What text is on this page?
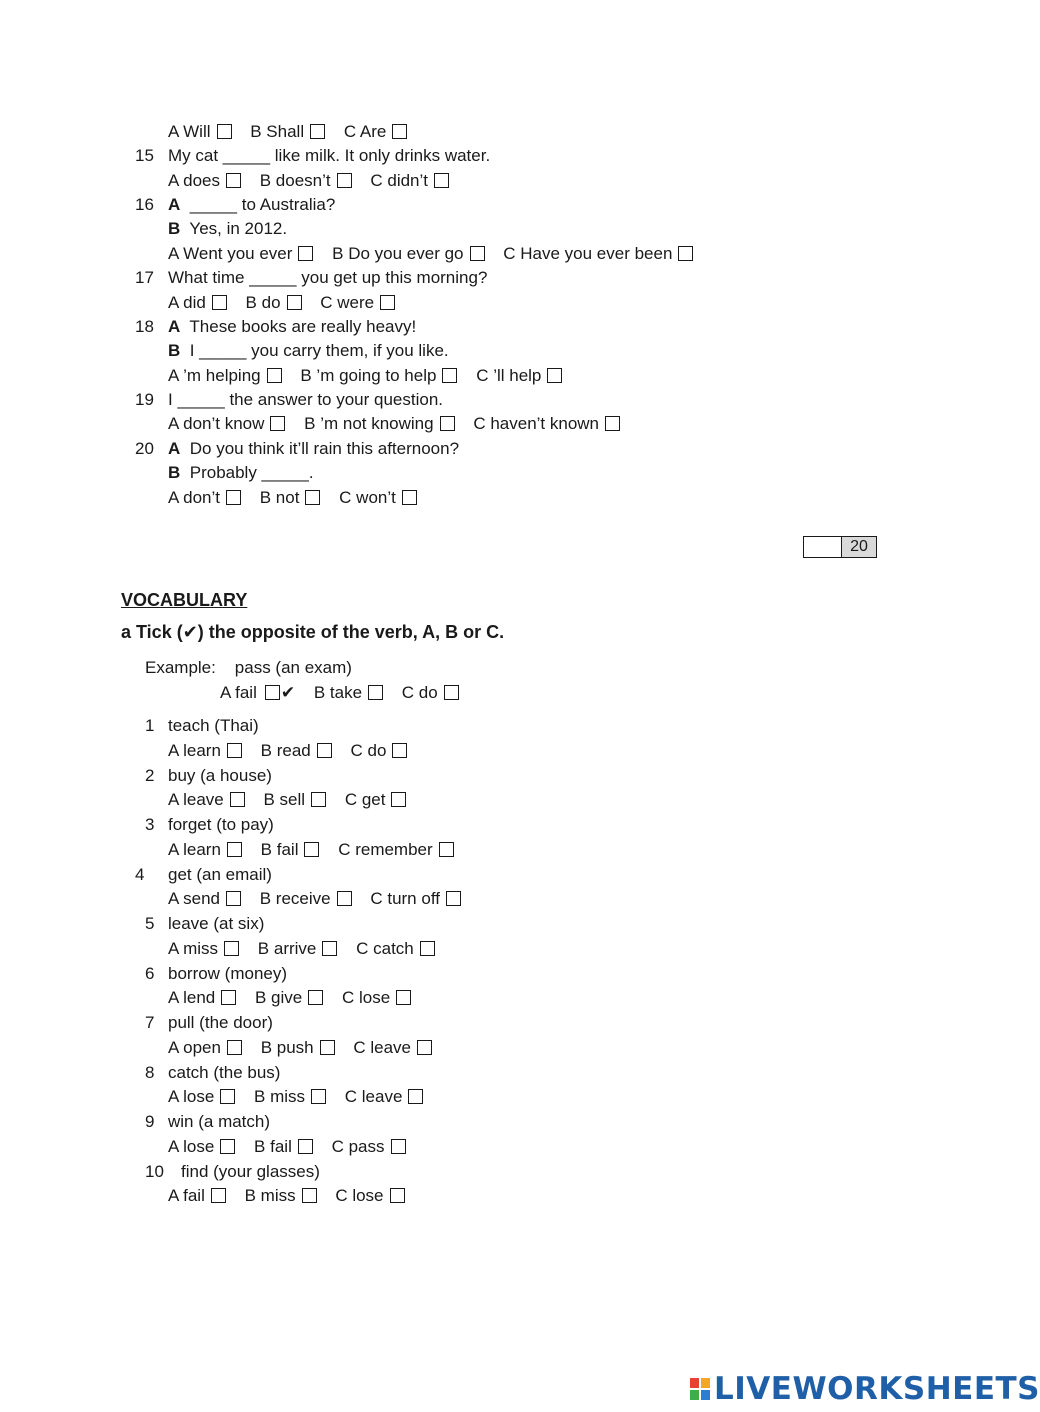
A Will B Shall C Are
15 My cat _____ like milk. It only drinks water.
A does B doesn’t C didn’t
16 A _____ to Australia?
B Yes, in 2012.
A Went you ever B Do you ever go C Have you ever been
17 What time _____ you get up this morning?
A did B do C were
18 A These books are really heavy!
B I _____ you carry them, if you like.
A ’m helping B ’m going to help C ’ll help
19 I _____ the answer to your question.
A don’t know B ’m not knowing C haven’t known
20 A Do you think it’ll rain this afternoon?
B Probably _____.
A don’t B not C won’t
20
VOCABULARY
a Tick (✔) the opposite of the verb, A, B or C.
Example: pass (an exam)
A fail ✔ B take C do
1 teach (Thai)
A learn B read C do
2 buy (a house)
A leave B sell C get
3 forget (to pay)
A learn B fail C remember
4 get (an email)
A send B receive C turn off
5 leave (at six)
A miss B arrive C catch
6 borrow (money)
A lend B give C lose
7 pull (the door)
A open B push C leave
8 catch (the bus)
A lose B miss C leave
9 win (a match)
A lose B fail C pass
10 find (your glasses)
A fail B miss C lose
LIVEWORKSHEETS
